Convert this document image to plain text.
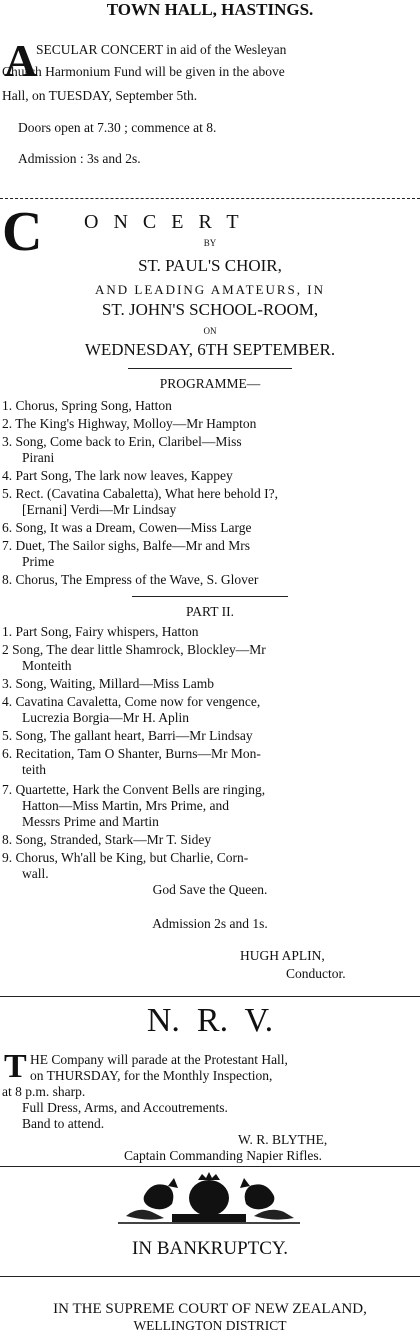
TOWN HALL, HASTINGS.
A
SECULAR CONCERT in aid of the Wesleyan
Church Harmonium Fund will be given in the above
Hall, on TUESDAY, September 5th.
Doors open at 7.30 ; commence at 8.
Admission : 3s and 2s.
C O   N   C   E   R   T
BY
ST. PAUL'S CHOIR,
AND LEADING AMATEURS, IN
ST. JOHN'S SCHOOL-ROOM,
ON
WEDNESDAY, 6TH SEPTEMBER.
PROGRAMME—
1. Chorus, Spring Song, Hatton
2. The King's Highway, Molloy—Mr Hampton
3. Song, Come back to Erin, Claribel—Miss
Pirani
4. Part Song, The lark now leaves, Kappey
5. Rect. (Cavatina Cabaletta), What here behold I?,
[Ernani] Verdi—Mr Lindsay
6. Song, It was a Dream, Cowen—Miss Large
7. Duet, The Sailor sighs, Balfe—Mr and Mrs
Prime
8. Chorus, The Empress of the Wave, S. Glover
PART II.
1. Part Song, Fairy whispers, Hatton
2 Song, The dear little Shamrock, Blockley—Mr
Monteith
3. Song, Waiting, Millard—Miss Lamb
4. Cavatina Cavaletta, Come now for vengence,
Lucrezia Borgia—Mr H. Aplin
5. Song, The gallant heart, Barri—Mr Lindsay
6. Recitation, Tam O Shanter, Burns—Mr Mon-
teith
7. Quartette, Hark the Convent Bells are ringing,
Hatton—Miss Martin, Mrs Prime, and
Messrs Prime and Martin
8. Song, Stranded, Stark—Mr T. Sidey
9. Chorus, Wh'all be King, but Charlie, Corn-
wall.
God Save the Queen.
Admission 2s and 1s.
HUGH APLIN,
Conductor.
N.  R.  V.
T HE Company will parade at the Protestant Hall,
on THURSDAY, for the Monthly Inspection,
at 8 p.m. sharp.
Full Dress, Arms, and Accoutrements.
Band to attend.
W. R. BLYTHE,
Captain Commanding Napier Rifles.
IN BANKRUPTCY.
IN THE SUPREME COURT OF NEW ZEALAND,
WELLINGTON DISTRICT
